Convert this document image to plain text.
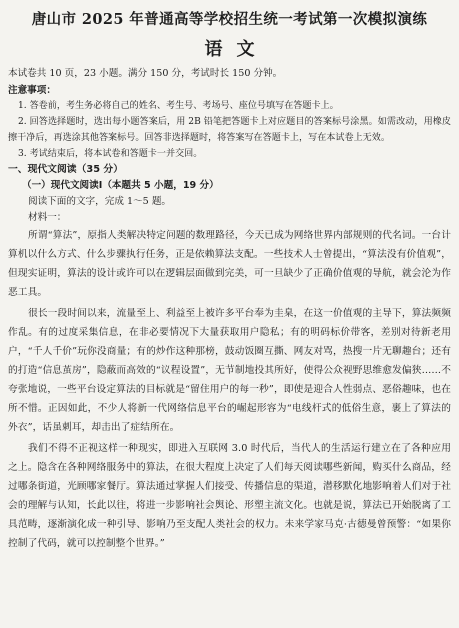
唐山市 2025 年普通高等学校招生统一考试第一次模拟演练
语文
本试卷共 10 页，23 小题。满分 150 分，考试时长 150 分钟。
注意事项：
1. 答卷前，考生务必将自己的姓名、考生号、考场号、座位号填写在答题卡上。
2. 回答选择题时，选出每小题答案后，用 2B 铅笔把答题卡上对应题目的答案标号涂黑。如需改动，用橡皮擦干净后，再选涂其他答案标号。回答非选择题时，将答案写在答题卡上，写在本试卷上无效。
3. 考试结束后，将本试卷和答题卡一并交回。
一、现代文阅读（35 分）
（一）现代文阅读Ⅰ（本题共 5 小题，19 分）
阅读下面的文字，完成 1～5 题。
材料一：

所谓“算法”，原指人类解决特定问题的数理路径，今天已成为网络世界内部规则的代名词。一台计算机以什么方式、什么步骤执行任务，正是依赖算法支配。一些技术人士曾提出，“算法没有价值观”，但现实证明，算法的设计或许可以在逻辑层面做到完美，可一旦缺少了正确价值观的导航，就会沦为作恶工具。

很长一段时间以来，流量至上、利益至上被许多平台奉为圭臬，在这一价值观的主导下，算法频频作乱。有的过度采集信息，在非必要情况下大量获取用户隐私；有的明码标价带客，差别对待新老用户，“千人千价”玩你没商量；有的炒作这种那榜，鼓动饭圈互撕、网友对骂，热搜一片无聊趣台；还有的打造“信息茧房”，隐蔽而高效的“议程设置”，无节制地投其所好，使得公众视野思维愈发偏狭……不夸张地说，一些平台设定算法的目标就是“留住用户的每一秒”，即使是迎合人性弱点、恶俗趣味，也在所不惜。正因如此，不少人将新一代网络信息平台的崛起形容为“电线杆式的低俗生意，裹上了算法的外衣”，话虽刺耳，却击出了症结所在。

我们不得不正视这样一种现实，即进入互联网 3.0 时代后，当代人的生活运行建立在了各种应用之上。隐含在各种网络服务中的算法，在很大程度上决定了人们每天阅读哪些新闻，购买什么商品，经过哪条街道，光顾哪家餐厅。算法通过掌握人们接受、传播信息的渠道，潜移默化地影响着人们对于社会的理解与认知，长此以往，将进一步影响社会舆论、形塑主流文化。也就是说，算法已开始脱离了工具范畴，逐渐演化成一种引导、影响乃至支配人类社会的权力。未来学家马克·古德曼曾预警：“如果你控制了代码，就可以控制整个世界。”
